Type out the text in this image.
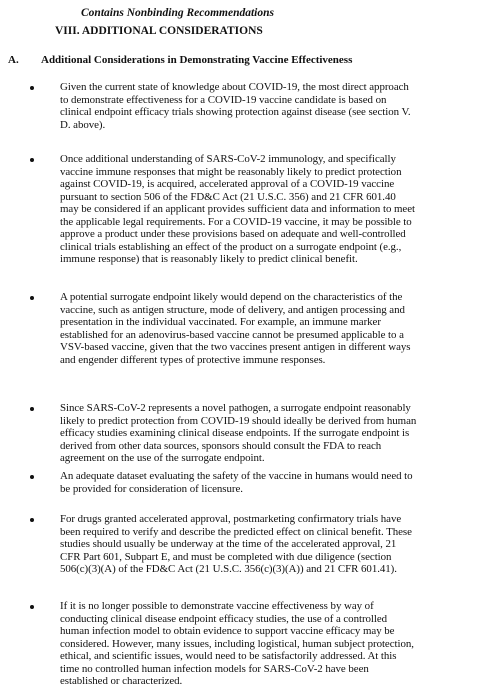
Contains Nonbinding Recommendations
VIII. ADDITIONAL CONSIDERATIONS
A. Additional Considerations in Demonstrating Vaccine Effectiveness
Given the current state of knowledge about COVID-19, the most direct approach
to demonstrate effectiveness for a COVID-19 vaccine candidate is based on
clinical endpoint efficacy trials showing protection against disease (see section V.
D. above).
Once additional understanding of SARS-CoV-2 immunology, and specifically
vaccine immune responses that might be reasonably likely to predict protection
against COVID-19, is acquired, accelerated approval of a COVID-19 vaccine
pursuant to section 506 of the FD&C Act (21 U.S.C. 356) and 21 CFR 601.40
may be considered if an applicant provides sufficient data and information to meet
the applicable legal requirements. For a COVID-19 vaccine, it may be possible to
approve a product under these provisions based on adequate and well-controlled
clinical trials establishing an effect of the product on a surrogate endpoint (e.g.,
immune response) that is reasonably likely to predict clinical benefit.
A potential surrogate endpoint likely would depend on the characteristics of the
vaccine, such as antigen structure, mode of delivery, and antigen processing and
presentation in the individual vaccinated. For example, an immune marker
established for an adenovirus-based vaccine cannot be presumed applicable to a
VSV-based vaccine, given that the two vaccines present antigen in different ways
and engender different types of protective immune responses.
Since SARS-CoV-2 represents a novel pathogen, a surrogate endpoint reasonably
likely to predict protection from COVID-19 should ideally be derived from human
efficacy studies examining clinical disease endpoints. If the surrogate endpoint is
derived from other data sources, sponsors should consult the FDA to reach
agreement on the use of the surrogate endpoint.
An adequate dataset evaluating the safety of the vaccine in humans would need to
be provided for consideration of licensure.
For drugs granted accelerated approval, postmarketing confirmatory trials have
been required to verify and describe the predicted effect on clinical benefit. These
studies should usually be underway at the time of the accelerated approval, 21
CFR Part 601, Subpart E, and must be completed with due diligence (section
506(c)(3)(A) of the FD&C Act (21 U.S.C. 356(c)(3)(A)) and 21 CFR 601.41).
If it is no longer possible to demonstrate vaccine effectiveness by way of
conducting clinical disease endpoint efficacy studies, the use of a controlled
human infection model to obtain evidence to support vaccine efficacy may be
considered. However, many issues, including logistical, human subject protection,
ethical, and scientific issues, would need to be satisfactorily addressed. At this
time no controlled human infection models for SARS-CoV-2 have been
established or characterized.
